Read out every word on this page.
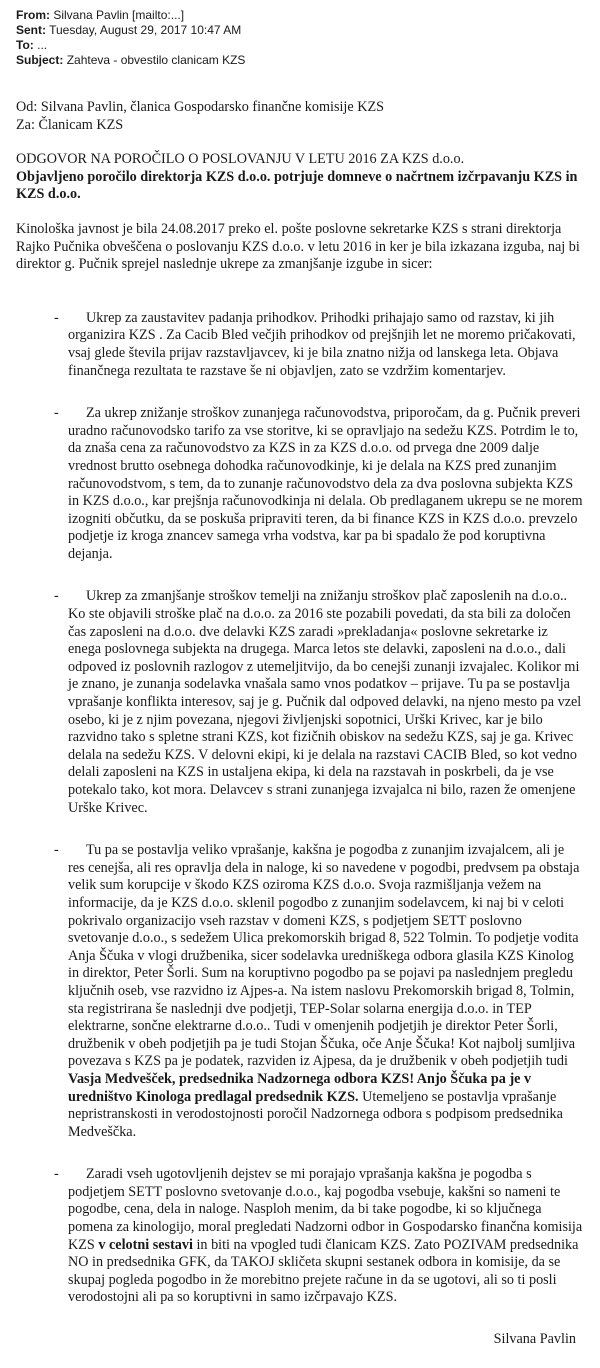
From: Silvana Pavlin [mailto:...]
Sent: Tuesday, August 29, 2017 10:47 AM
To: ...
Subject: Zahteva - obvestilo clanicam KZS

Od: Silvana Pavlin, članica Gospodarsko finančne komisije KZS

Za: Članicam KZS

ODGOVOR NA POROČILO O POSLOVANJU V LETU 2016 ZA KZS d.o.o.

Objavljeno poročilo direktorja KZS d.o.o. potrjuje domneve o načrtnem izčrpavanju KZS in KZS d.o.o.

Kinološka javnost je bila 24.08.2017 preko el. pošte poslovne sekretarke KZS s strani direktorja Rajko Pučnika obveščena o poslovanju KZS d.o.o. v letu 2016 in ker je bila izkazana izguba, naj bi direktor g. Pučnik sprejel naslednje ukrepe za zmanjšanje izgube in sicer:

- Ukrep za zaustavitev padanja prihodkov. Prihodki prihajajo samo od razstav, ki jih organizira KZS . Za Cacib Bled večjih prihodkov od prejšnjih let ne moremo pričakovati, vsaj glede števila prijav razstavljavcev, ki je bila znatno nižja od lanskega leta. Objava finančnega rezultata te razstave še ni objavljen, zato se vzdržim komentarjev.
- Za ukrep znižanje stroškov zunanjega računovodstva, priporočam, da g. Pučnik preveri uradno računovodsko tarifo za vse storitve, ki se opravljajo na sedežu KZS. Potrdim le to, da znaša cena za računovodstvo za KZS in za KZS d.o.o. od prvega dne 2009 dalje vrednost brutto osebnega dohodka računovodkinje, ki je delala na KZS pred zunanjim računovodstvom, s tem, da to zunanje računovodstvo dela za dva poslovna subjekta KZS in KZS d.o.o., kar prejšnja računovodkinja ni delala. Ob predlaganem ukrepu se ne morem izogniti občutku, da se poskuša pripraviti teren, da bi finance KZS in KZS d.o.o. prevzelo podjetje iz kroga znancev samega vrha vodstva, kar pa bi spadalo že pod koruptivna dejanja.
- Ukrep za zmanjšanje stroškov temelji na znižanju stroškov plač zaposlenih na d.o.o.. Ko ste objavili stroške plač na d.o.o. za 2016 ste pozabili povedati, da sta bili za določen čas zaposleni na d.o.o. dve delavki KZS zaradi »prekladanja« poslovne sekretarke iz enega poslovnega subjekta na drugega. Marca letos ste delavki, zaposleni na d.o.o., dali odpoved iz poslovnih razlogov z utemeljitvijo, da bo cenejši zunanji izvajalec. Kolikor mi je znano, je zunanja sodelavka vnašala samo vnos podatkov – prijave. Tu pa se postavlja vprašanje konflikta interesov, saj je g. Pučnik dal odpoved delavki, na njeno mesto pa vzel osebo, ki je z njim povezana, njegovi življenjski sopotnici, Urški Krivec, kar je bilo razvidno tako s spletne strani KZS, kot fizičnih obiskov na sedežu KZS, saj je ga. Krivec delala na sedežu KZS. V delovni ekipi, ki je delala na razstavi CACIB Bled, so kot vedno delali zaposleni na KZS in ustaljena ekipa, ki dela na razstavah in poskrbeli, da je vse potekalo tako, kot mora. Delavcev s strani zunanjega izvajalca ni bilo, razen že omenjene Urške Krivec.
- Tu pa se postavlja veliko vprašanje, kakšna je pogodba z zunanjim izvajalcem, ali je res cenejša, ali res opravlja dela in naloge, ki so navedene v pogodbi, predvsem pa obstaja velik sum korupcije v škodo KZS oziroma KZS d.o.o. Svoja razmišljanja vežem na informacije, da je KZS d.o.o. sklenil pogodbo z zunanjim sodelavcem, ki naj bi v celoti pokrivalo organizacijo vseh razstav v domeni KZS, s podjetjem SETT poslovno svetovanje d.o.o., s sedežem Ulica prekomorskih brigad 8, 522 Tolmin. To podjetje vodita Anja Ščuka v vlogi družbenika, sicer sodelavka uredniškega odbora glasila KZS Kinolog in direktor, Peter Šorli. Sum na koruptivno pogodbo pa se pojavi pa naslednjem pregledu ključnih oseb, vse razvidno iz Ajpes-a. Na istem naslovu Prekomorskih brigad 8, Tolmin, sta registrirana še naslednji dve podjetji, TEP-Solar solarna energija d.o.o. in TEP elektrarne, sončne elektrarne d.o.o.. Tudi v omenjenih podjetjih je direktor Peter Šorli, družbenik v obeh podjetjih pa je tudi Stojan Ščuka, oče Anje Ščuka! Kot najbolj sumljiva povezava s KZS pa je podatek, razviden iz Ajpesa, da je družbenik v obeh podjetjih tudi Vasja Medvešček, predsednika Nadzornega odbora KZS! Anjo Ščuka pa je v uredništvo Kinologa predlagal predsednik KZS. Utemeljeno se postavlja vprašanje nepristranskosti in verodostojnosti poročil Nadzornega odbora s podpisom predsednika Medveščka.
- Zaradi vseh ugotovljenih dejstev se mi porajajo vprašanja kakšna je pogodba s podjetjem SETT poslovno svetovanje d.o.o., kaj pogodba vsebuje, kakšni so nameni te pogodbe, cena, dela in naloge. Nasploh menim, da bi take pogodbe, ki so ključnega pomena za kinologijo, moral pregledati Nadzorni odbor in Gospodarsko finančna komisija KZS v celotni sestavi in biti na vpogled tudi članicam KZS. Zato POZIVAM predsednika NO in predsednika GFK, da TAKOJ skličeta skupni sestanek odbora in komisije, da se skupaj pogleda pogodbo in že morebitno prejete račune in da se ugotovi, ali so ti posli verodostojni ali pa so koruptivni in samo izčrpavajo KZS.

Silvana Pavlin
